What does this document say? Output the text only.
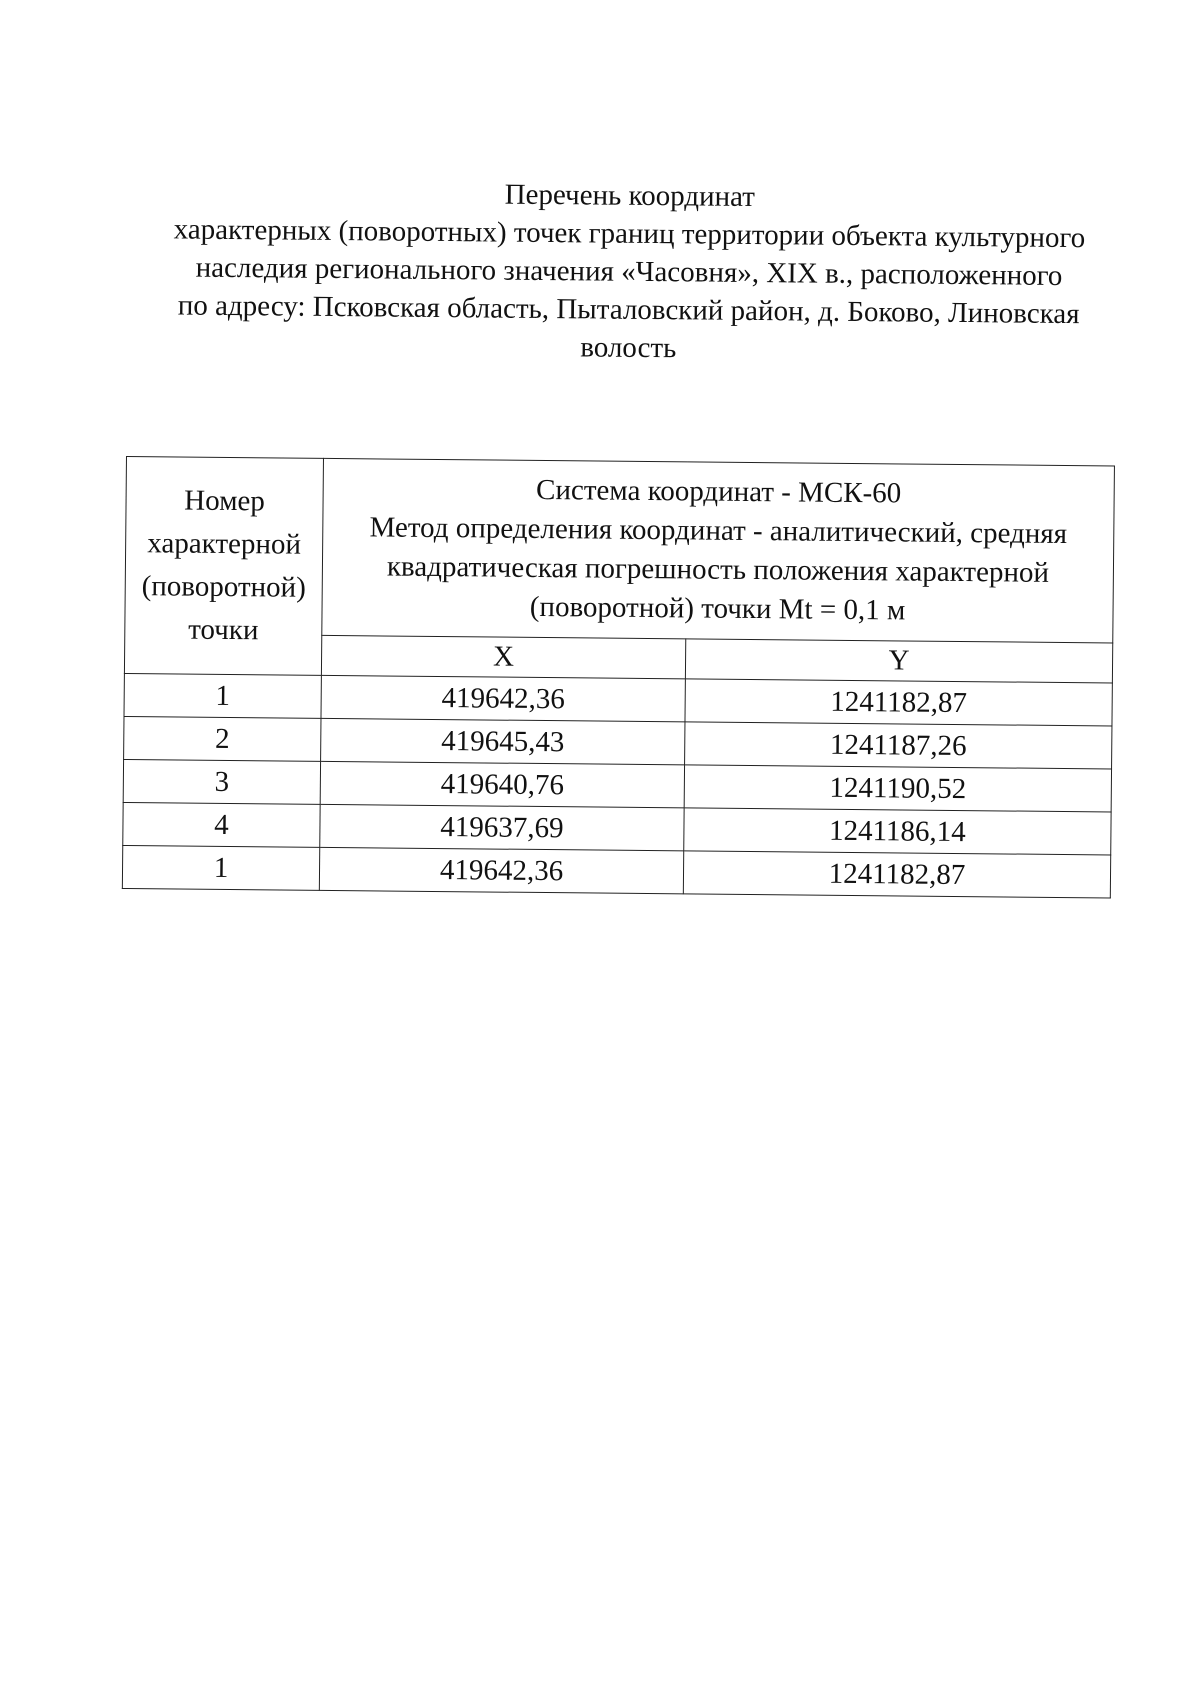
Перечень координат
характерных (поворотных) точек границ территории объекта культурного
наследия регионального значения «Часовня», XIX в., расположенного
по адресу: Псковская область, Пыталовский район, д. Боково, Линовская
волость
Номер
характерной
(поворотной)
точки	Система координат - МСК-60
Метод определения координат - аналитический, средняя
квадратическая погрешность положения характерной
(поворотной) точки Mt = 0,1 м	

	X	Y
1	419642,36	1241182,87
2	419645,43	1241187,26
3	419640,76	1241190,52
4	419637,69	1241186,14
1	419642,36	1241182,87
